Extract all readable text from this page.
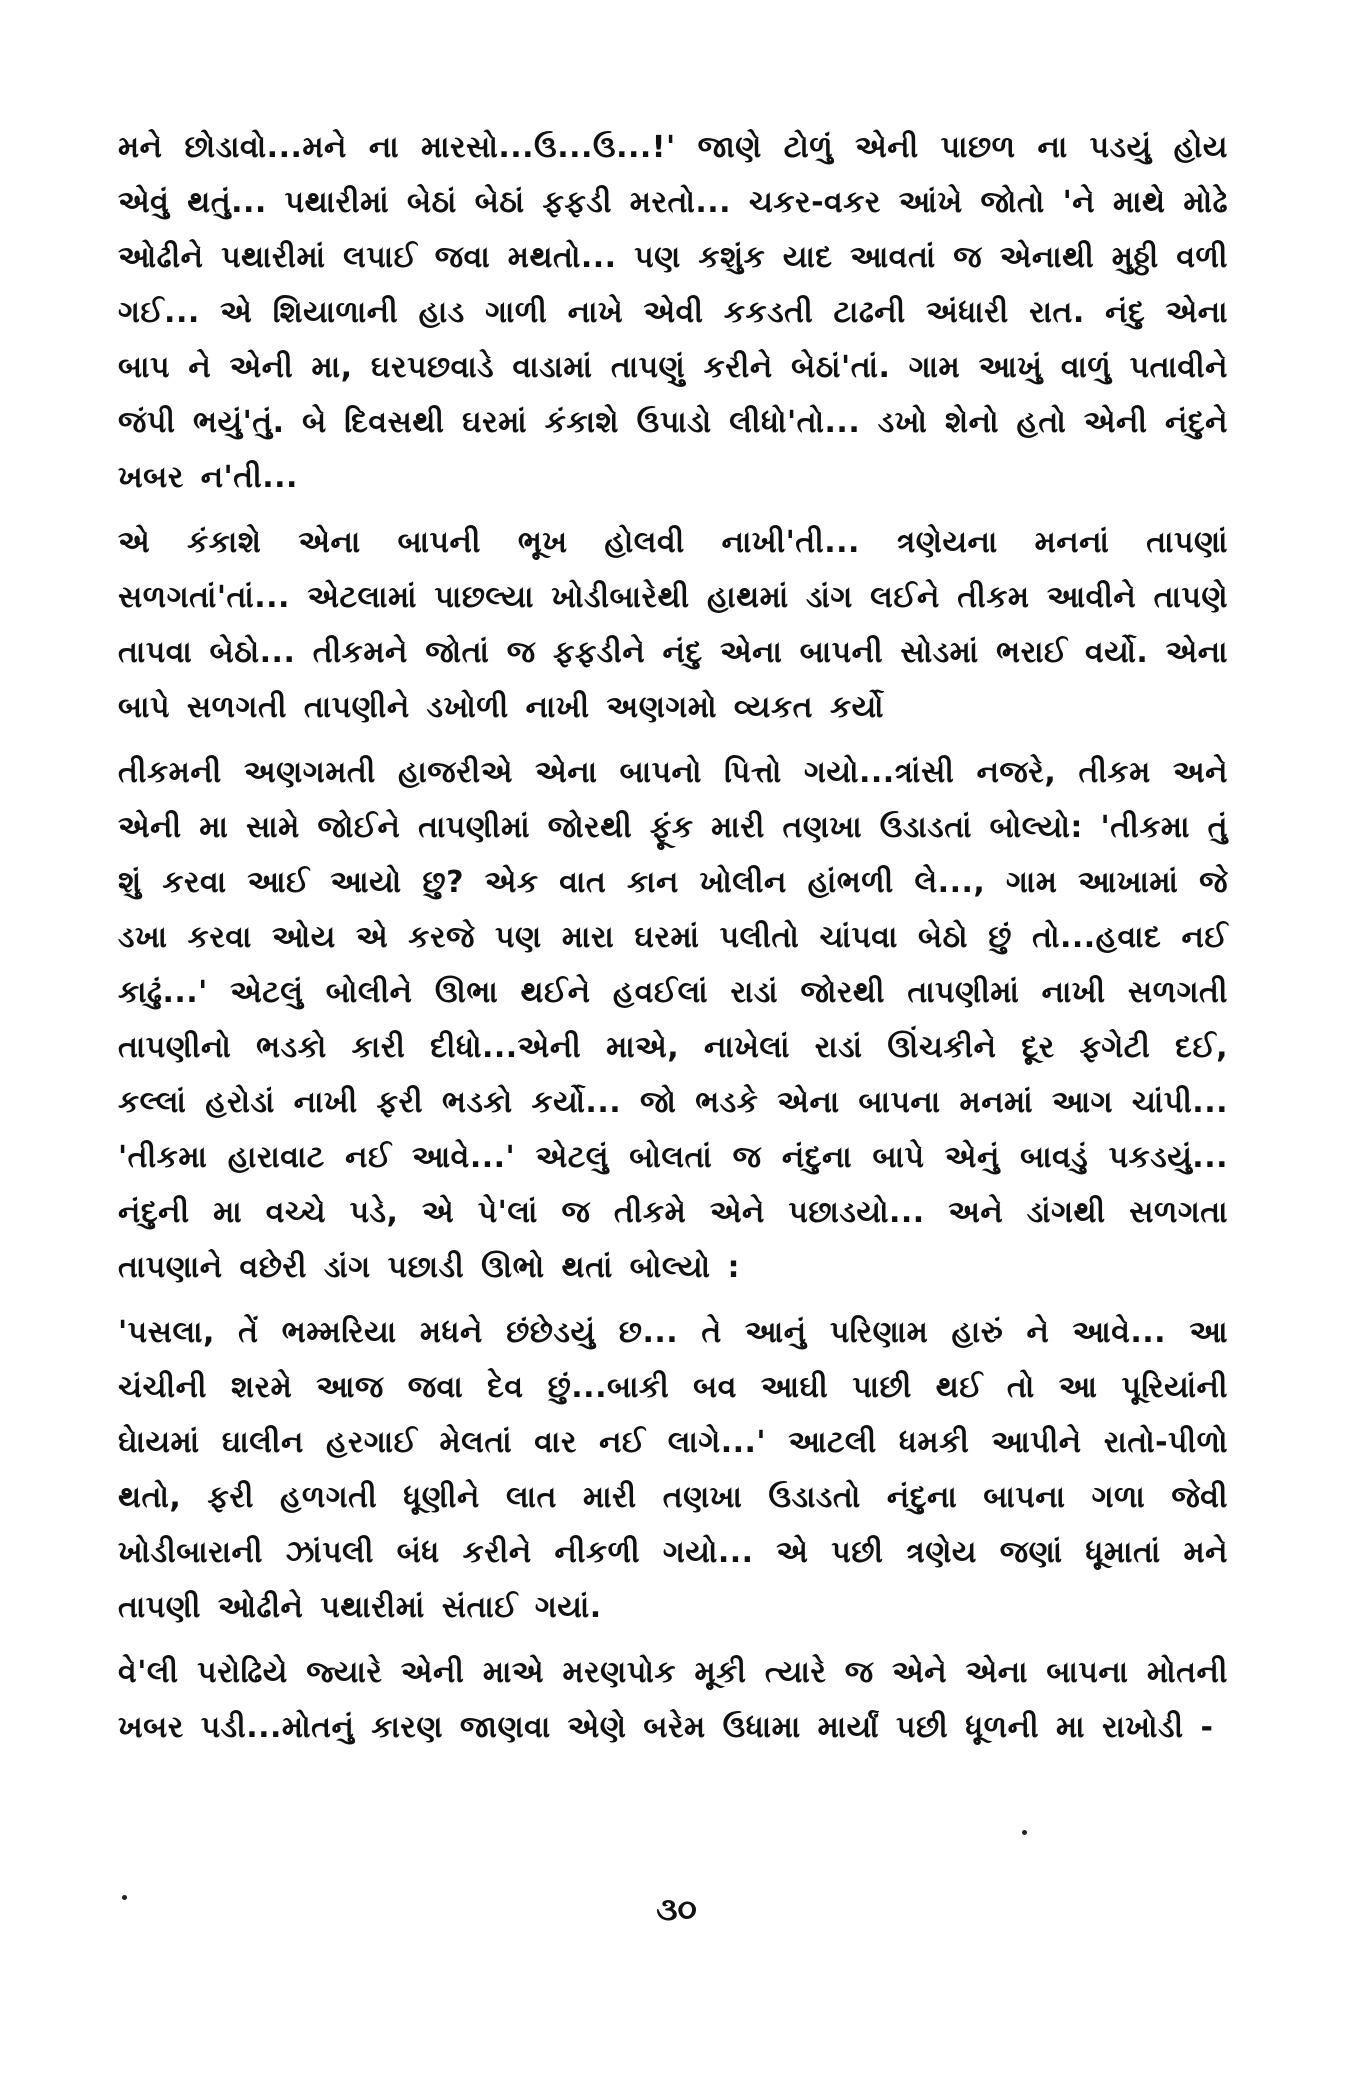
મને છોડાવો...મને ના મારસો...ઉ...ઉ...!' જાણે ટોળું એની પાછળ ના પડયું હોય એવું થતું... પથારીમાં બેઠાં બેઠાં ફફડી મરતો... ચકર-વકર આંખે જોતો 'ને માથે મોઢે ઓઢીને પથારીમાં લપાઈ જવા મથતો... પણ કશુંક યાદ આવતાં જ એનાથી મુઠ્ઠી વળી ગઈ... એ શિયાળાની હાડ ગાળી નાખે એવી કકડતી ટાઢની અંધારી રાત. નંદુ એના બાપ ને એની મા, ઘરપછવાડે વાડામાં તાપણું કરીને બેઠાં'તાં. ગામ આખું વાળું પતાવીને જંપી ભયું'તું. બે દિવસથી ઘરમાં કંકાશે ઉપાડો લીધો'તો... ડખો શેનો હતો એની નંદુને ખબર ન'તી...

એ કંકાશે એના બાપની ભૂખ હોલવી નાખી'તી... ત્રણેયના મનનાં તાપણાં સળગતાં'તાં... એટલામાં પાછલ્યા ખોડીબારેથી હાથમાં ડાંગ લઈને તીકમ આવીને તાપણે તાપવા બેઠો... તીકમને જોતાં જ ફફડીને નંદુ એના બાપની સોડમાં ભરાઈ વર્યો. એના બાપે સળગતી તાપણીને ડખોળી નાખી અણગમો વ્યકત કર્યો

તીકમની અણગમતી હાજરીએ એના બાપનો પિત્તો ગયો...ત્રાંસી નજરે, તીકમ અને એની મા સામે જોઈને તાપણીમાં જોરથી ફૂંક મારી તણખા ઉડાડતાં બોલ્યો: 'તીકમા તું શું કરવા આઈ આયો છુ? એક વાત કાન ખોલીન હાંભળી લે..., ગામ આખામાં જે ડખા કરવા ઓય એ કરજે પણ મારા ઘરમાં પલીતો ચાંપવા બેઠો છું તો...હવાદ નઈ કાઢું...' એટલું બોલીને ઊભા થઈને હવઈલાં રાડાં જોરથી તાપણીમાં નાખી સળગતી તાપણીનો ભડકો કારી દીધો...એની માએ, નાખેલાં રાડાં ઊંચકીને દૂર ફગેટી દઈ, કલ્લાં હરોડાં નાખી ફરી ભડકો કર્યો... જો ભડકે એના બાપના મનમાં આગ ચાંપી... 'તીકમા હારાવાટ નઈ આવે...' એટલું બોલતાં જ નંદુના બાપે એનું બાવડું પકડયું... નંદુની મા વચ્ચે પડે, એ પે'લાં જ તીકમે એને પછાડયો... અને ડાંગથી સળગતા તાપણાને વછેરી ડાંગ પછાડી ઊભો થતાં બોલ્યો :

'પસલા, તેં ભમ્મરિયા મધને છંછેડયું છ... તે આનું પરિણામ હારું ને આવે... આ ચંચીની શરમે આજ જવા દેવ છું...બાકી બવ આઘી પાછી થઈ તો આ પૂરિયાંની ઘેાયમાં ઘાલીન હરગાઈ મેલતાં વાર નઈ લાગે...' આટલી ધમકી આપીને રાતો-પીળો થતો, ફરી હળગતી ધૂણીને લાત મારી તણખા ઉડાડતો નંદુના બાપના ગળા જેવી ખોડીબારાની ઝાંપલી બંધ કરીને નીકળી ગયો... એ પછી ત્રણેય જણાં ધૂમાતાં મને તાપણી ઓઢીને પથારીમાં સંતાઈ ગયાં.

વે'લી પરોઢિયે જ્યારે એની માએ મરણપોક મૂકી ત્યારે જ એને એના બાપના મોતની ખબર પડી...મોતનું કારણ જાણવા એણે બરેમ ઉધામા માર્યાં પછી ધૂળની મા રાખોડી -

૩૦
